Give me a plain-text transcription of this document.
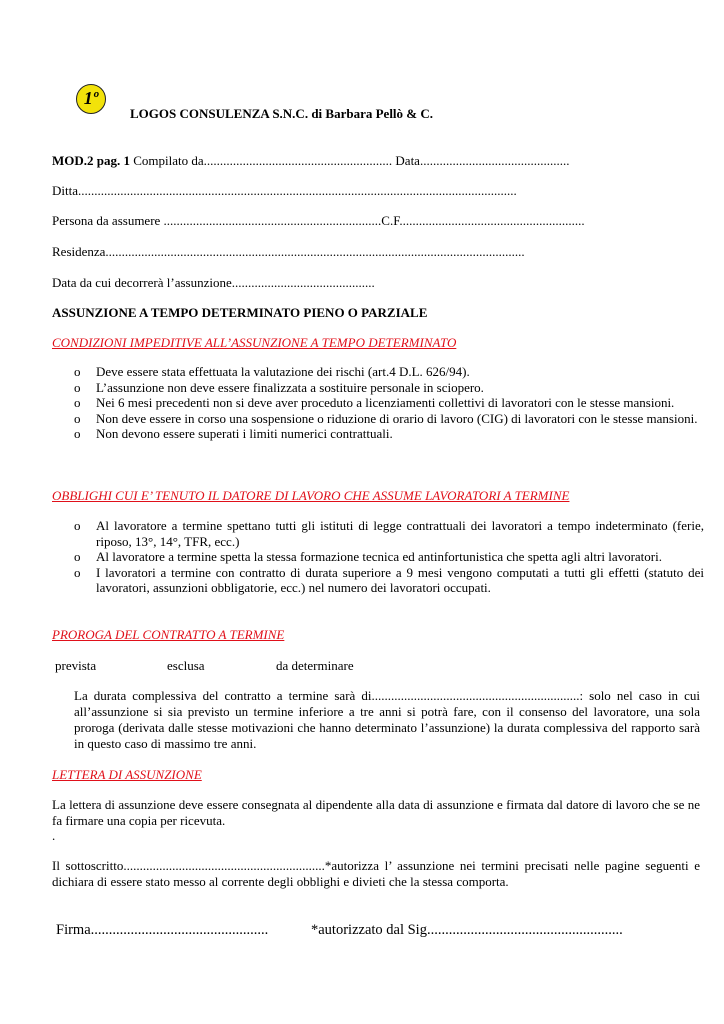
1º
LOGOS CONSULENZA S.N.C. di Barbara Pellò & C.
MOD.2 pag. 1 Compilato da.......................................................... Data..............................................
Ditta.......................................................................................................................................
Persona da assumere ...................................................................C.F.........................................................
Residenza.................................................................................................................................
Data da cui decorrerà l’assunzione............................................
ASSUNZIONE A TEMPO DETERMINATO PIENO O PARZIALE
CONDIZIONI IMPEDITIVE ALL’ASSUNZIONE A TEMPO DETERMINATO
o Deve essere stata effettuata la valutazione dei rischi (art.4 D.L. 626/94).
o L’assunzione non deve essere finalizzata a sostituire personale in sciopero.
o Nei 6 mesi precedenti non si deve aver proceduto a licenziamenti collettivi di lavoratori con le stesse mansioni.
o Non deve essere in corso una sospensione o riduzione di orario di lavoro (CIG) di lavoratori con le stesse mansioni.
o Non devono essere superati i limiti numerici contrattuali.
OBBLIGHI CUI E’ TENUTO IL DATORE DI LAVORO CHE ASSUME LAVORATORI A TERMINE
o Al lavoratore a termine spettano tutti gli istituti di legge contrattuali dei lavoratori a tempo indeterminato (ferie, riposo, 13°, 14°, TFR, ecc.)
o Al lavoratore a termine spetta la stessa formazione tecnica ed antinfortunistica che spetta agli altri lavoratori.
o I lavoratori a termine con contratto di durata superiore a 9 mesi vengono computati a tutti gli effetti (statuto dei lavoratori, assunzioni obbligatorie, ecc.) nel numero dei lavoratori occupati.
PROROGA DEL CONTRATTO A TERMINE
prevista	esclusa	da determinare
La durata complessiva del contratto a termine sarà di................................................................: solo nel caso in cui all’assunzione si sia previsto un termine inferiore a tre anni si potrà fare, con il consenso del lavoratore, una sola proroga (derivata dalle stesse motivazioni che hanno determinato l’assunzione) la durata complessiva del rapporto sarà in questo caso di massimo tre anni.
LETTERA DI ASSUNZIONE
La lettera di assunzione deve essere consegnata al dipendente alla data di assunzione e firmata dal datore di lavoro che se ne fa firmare una copia per ricevuta.
.
Il sottoscritto..............................................................*autorizza l’ assunzione nei termini precisati nelle pagine seguenti e dichiara di essere stato messo al corrente degli obblighi e divieti che la stessa comporta.
Firma.................................................	*autorizzato dal Sig......................................................
